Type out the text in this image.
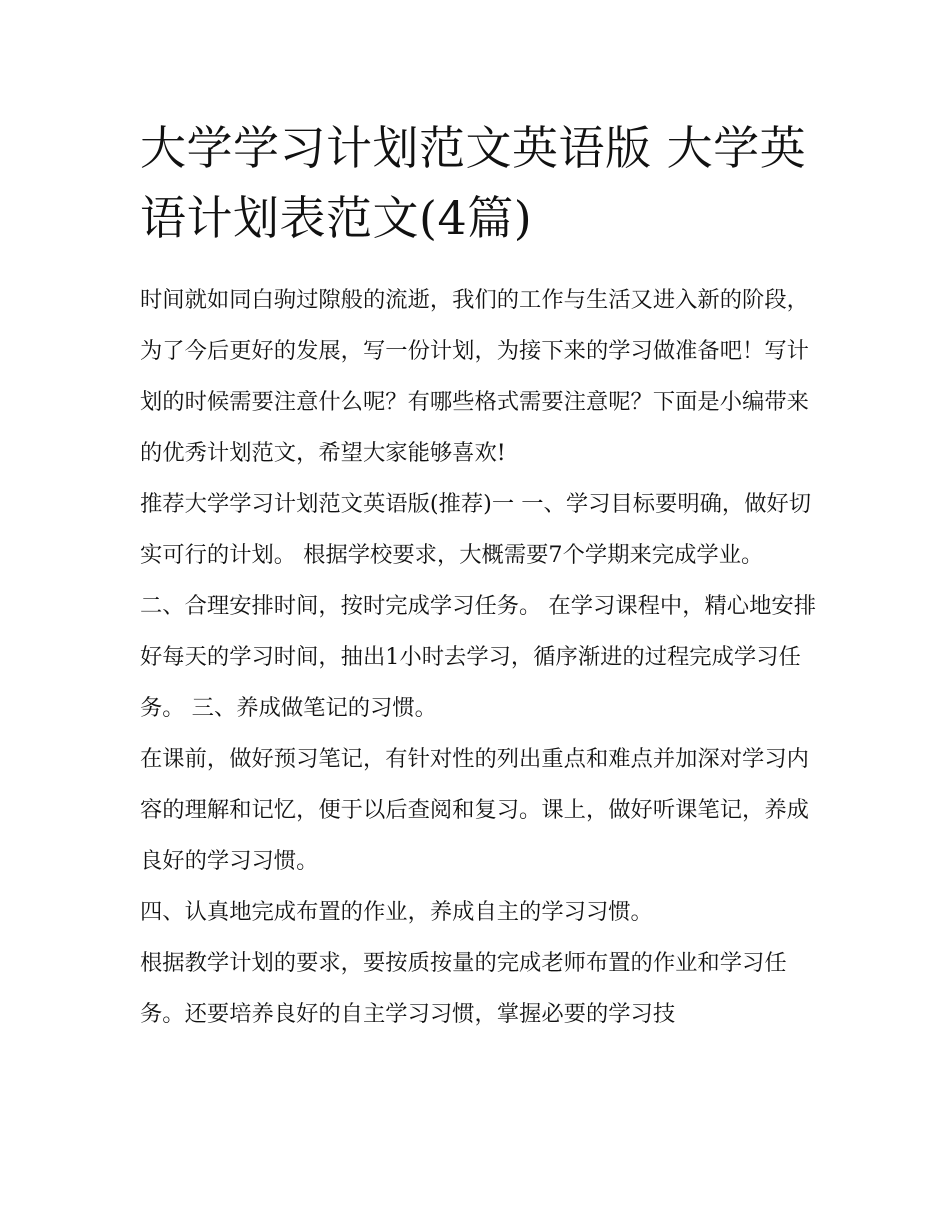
大学学习计划范文英语版 大学英语计划表范文(4篇)

时间就如同白驹过隙般的流逝，我们的工作与生活又进入新的阶段，为了今后更好的发展，写一份计划，为接下来的学习做准备吧！写计划的时候需要注意什么呢？有哪些格式需要注意呢？下面是小编带来的优秀计划范文，希望大家能够喜欢!

推荐大学学习计划范文英语版(推荐)一 一、学习目标要明确，做好切实可行的计划。 根据学校要求，大概需要7个学期来完成学业。

二、合理安排时间，按时完成学习任务。 在学习课程中，精心地安排好每天的学习时间，抽出1小时去学习，循序渐进的过程完成学习任务。 三、养成做笔记的习惯。

在课前，做好预习笔记，有针对性的列出重点和难点并加深对学习内容的理解和记忆，便于以后查阅和复习。课上，做好听课笔记，养成良好的学习习惯。

四、认真地完成布置的作业，养成自主的学习习惯。

根据教学计划的要求，要按质按量的完成老师布置的作业和学习任务。还要培养良好的自主学习习惯，掌握必要的学习技
